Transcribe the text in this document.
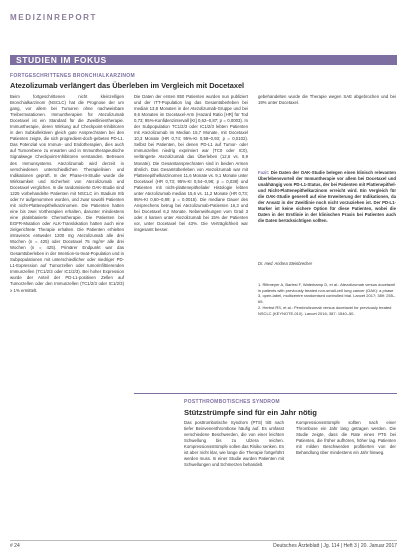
MEDIZINREPORT
STUDIEN IM FOKUS
FORTGESCHRITTENES BRONCHIALKARZINOM
Atezolizumab verlängert das Überleben im Vergleich mit Docetaxel
Beim fortgeschrittenen nicht kleinzelligen Bronchialkarzinom (NSCLC) hat die Prognose der um gang, vor allem bei Tumoren ohne nachweisbare Treibermutationen. Immuntherapien für Atezolizumab Docetaxel ist ein Standard für die Zweitlinientherapie. Immuntherapie, deren Wirkung auf Checkpoint-Inhibitoren in den Subkollektiven gleich gute Ansprechraten bei den Patienten zeigte, die sich progredient-doch-gebeten PD-L1. Das Potenzial von Immun- und Endotherapien, dies auch auf Tumorebene zu erwarten und in Immuntherapeutische Signalwege Checkpoint-Inhibitoren verstanden. Betreuen des Immunsystems. Atezolizumab wird derzeit in verschiedenen unterschiedlichen Therapielinien und Indikationen geprüft. In der Phase-III-Studie wurde die Wirksamkeit und Sicherheit von Atezolizumab und Docetaxel verglichen. In die randomisierte OAK-Studie sind 1225 vorbehandelte Patienten mit NSCLC im Stadium IIIb oder IV aufgenommen worden, und zwar sowohl Patienten mit nicht-Plattenepithelkarzinomen. Die Patienten hatten eine bis zwei Vortherapien erhalten, darunter mindestens eine platinbasierte Chemotherapie. Die Patienten bei EGFR-Mutation oder ALK-Translokation hatten auch eine zielgerichtete Therapie erhalten. Die Patienten erhielten intravenös entweder 1200 mg Atezolizumab alle drei Wochen (n = 425) oder Docetaxel 75 mg/m² alle drei Wochen (n = 425). Primärer Endpunkt war das Gesamtüberleben in der Intention-to-treat-Population und in Subpopulationen mit unterschiedlicher oder niedriger PD-L1-Expression auf Tumorzellen oder tumorinfiltrierenden Immunzellen (TC1/2/3 oder IC1/2/3). Bei hoher Expression wurde der Anteil der PD-L1-positiven Zellen auf Tumorzellen oder den Immunzellen (TC1/2/3 oder IC1/2/3) ≥ 1% ermittelt.
Die Daten der ersten 850 Patienten wurden nun publiziert und der ITT-Population lag das Gesamtüberleben bei median 13,8 Monaten in der Atezolizumab-Gruppe und bei 9,6 Monaten im Docetaxel-Arm (Hazard Ratio [HR] für Tod 0,73; 95%-Konfidenzintervall [KI] 0,62–0,87; p = 0,0003). In der Subpopulation TC1/2/3 oder IC1/2/3 lebten Patienten mit Atezolizumab im Median 15,7 Monate, mit Docetaxel 10,3 Monate (HR 0,74; 95%-KI 0,58–0,93; p = 0,0102). Selbst bei Patienten, bei denen PD-L1 auf Tumor- oder Immunzellen niedrig exprimiert war (TC0 oder IC0), verlängerte Atezolizumab das Überleben (12,6 vs. 8,9 Monate). Die Gesamtansprechraten sind in beiden Armen ähnlich. Das Gesamtüberleben von Atezolizumab war mit Plattenepithelkarzinomen 11,6 Monate vs. 9,1 Monate unter Docetaxel (HR 0,73; 95%-KI 0,54–0,98; p = 0,038) und Patienten mit nicht-plattenepithelialer Histologie lebten unter Atezolizumab median 15,6 vs. 11,2 Monate (HR 0,73; 95%-KI 0,60–0,89; p = 0,0015). Die mediane Dauer des Ansprechens betrug bei Atezolizumab-Patienten 16,3 und bei Docetaxel 6,2 Monate. Nebenwirkungen vom Grad 3 oder 4 kamen unter Atezolizumab bei 15% der Patienten vor, unter Docetaxel bei 43%. Die Verträglichkeit war insgesamt besser.
gebehandelten wurde die Therapie wegen SAE abgebrochen und bei 19% unter Docetaxel.
Fazit: Die Daten der OAK-Studie belegen einen klinisch relevanten Überlebensvorteil der Immuntherapie vor allem bei Docetaxel und unabhängig vom PD-L1-Status, der bei Patienten mit Plattenepithel- und Nicht-Plattenepithelkarzinom erreicht wird. Ein Vergleich für die OAK-Studie generell auf eine Erweiterung der Indikationen, da der Ansatz in der Zweitlinie noch nicht vorzuziehen ist. Der PD-L1-Marker ist keine sichere Option für diese Patienten, wobei die Daten in der Erstlinie in der klinischen Praxis bei Patienten auch die Daten berücksichtigen sollten.
Dr. med. Andrea Steinbrecher
1. Rittmeyer A, Barlesi F, Waterkamp D, et al.: Atezolizumab versus docetaxel in patients with previously treated non-small-cell lung cancer (OAK): a phase 3, open-label, multicentre randomised controlled trial. Lancet 2017; 389: 255–65.
2. Herbst RS, et al.: Pembrolizumab versus docetaxel for previously treated NSCLC (KEYNOTE-010). Lancet 2016; 387: 1540–50.
POSTTHROMBOTISCHES SYNDROM
Stützstrümpfe sind für ein Jahr nötig
Das posttrombotische Syndrom (PTS) tritt nach tiefer Beinvenenthrombose häufig auf. Es umfasst verschiedene Beschwerden, die von einer leichten Schwellung bis zu Ulzera reichen. Kompressionsstrümpfe sollen das Risiko senken. Es ist aber nicht klar, wie lange die Therapie fortgeführt werden muss. In einer Studie wurden Patienten mit Schwellungen und Schmerzen behandelt.
Kompressionsstrümpfe sollten nach einer Thrombose ein Jahr lang getragen werden. Die Studie zeigte, dass die Rate eines PTS bei Patienten, die früher aufhören, höher lag. Patienten mit milden Beschwerden profitierten von der Behandlung über mindestens ein Jahr hinweg.
# 24	Deutsches Ärzteblatt | Jg. 114 | Heft 3 | 20. Januar 2017
